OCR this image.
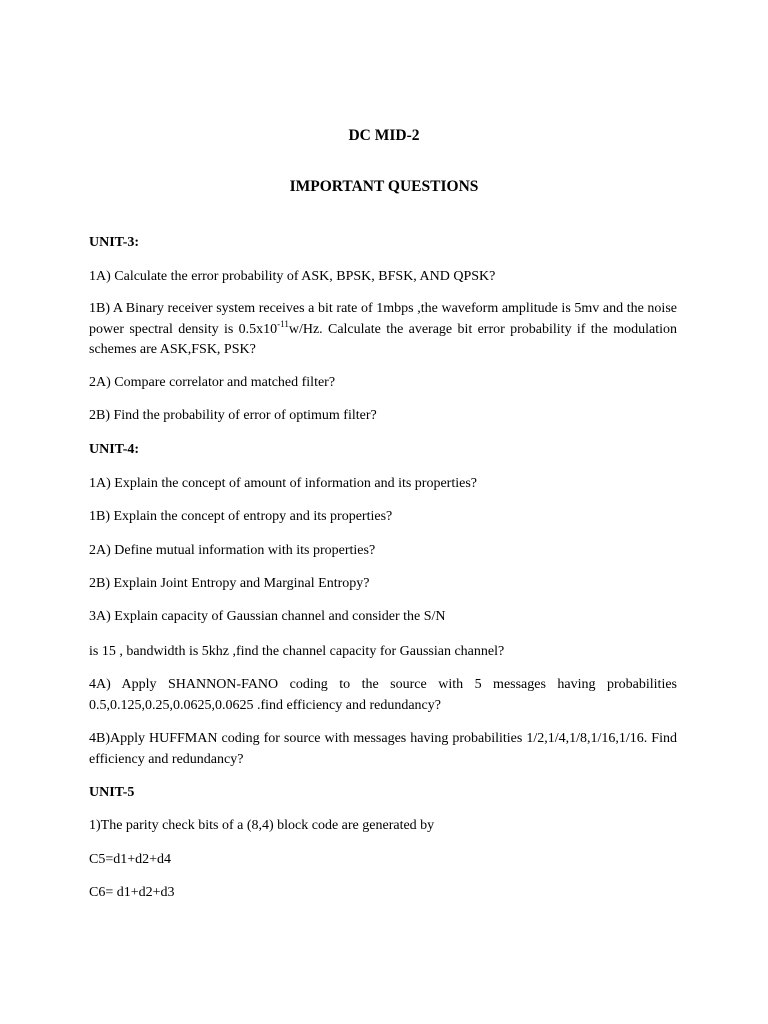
DC MID-2
IMPORTANT QUESTIONS
UNIT-3:
1A) Calculate the error probability of ASK, BPSK, BFSK, AND QPSK?
1B) A Binary receiver system receives a bit rate of 1mbps ,the waveform amplitude is 5mv and the noise power spectral density is $0.5x10^{-11}w/Hz$. Calculate the average bit error probability if the modulation schemes are ASK,FSK, PSK?
2A) Compare correlator and matched filter?
2B) Find the probability of error of optimum filter?
UNIT-4:
1A) Explain the concept of amount of information and its properties?
1B) Explain the concept of entropy and its properties?
2A) Define mutual information with its properties?
2B) Explain Joint Entropy and Marginal Entropy?
3A) Explain capacity of Gaussian channel and consider the S/N
is 15 , bandwidth is 5khz ,find the channel capacity for Gaussian channel?
4A) Apply SHANNON-FANO coding to the source with 5 messages having probabilities 0.5,0.125,0.25,0.0625,0.0625 .find efficiency and redundancy?
4B)Apply HUFFMAN coding for source with messages having probabilities 1/2,1/4,1/8,1/16,1/16. Find efficiency and redundancy?
UNIT-5
1)The parity check bits of a (8,4) block code are generated by
C5=d1+d2+d4
C6= d1+d2+d3
